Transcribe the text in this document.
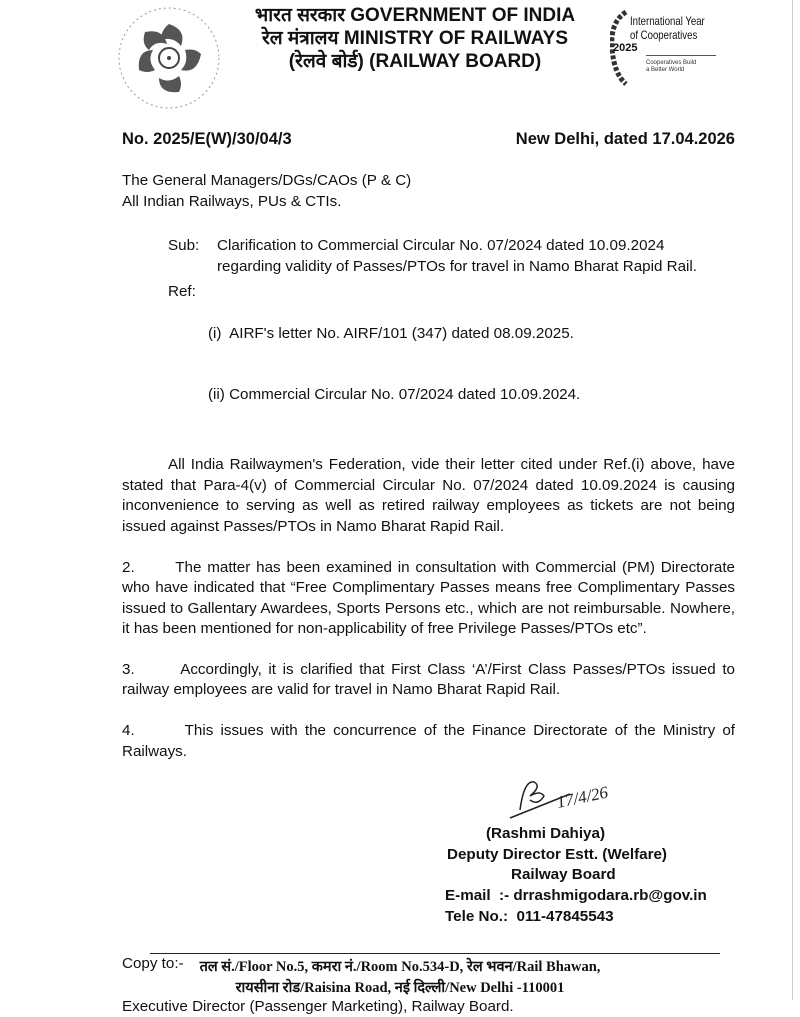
भारत सरकार GOVERNMENT OF INDIA
रेल मंत्रालय MINISTRY OF RAILWAYS
(रेलवे बोर्ड) (RAILWAY BOARD)
International Year
of Cooperatives
2025
Cooperatives Build
a Better World
No. 2025/E(W)/30/04/3	New Delhi, dated 17.04.2026
The General Managers/DGs/CAOs (P & C)
All Indian Railways, PUs & CTIs.
Sub:	Clarification to Commercial Circular No. 07/2024 dated 10.09.2024
regarding validity of Passes/PTOs for travel in Namo Bharat Rapid Rail.
Ref:

(i)  AIRF's letter No. AIRF/101 (347) dated 08.09.2025.

(ii) Commercial Circular No. 07/2024 dated 10.09.2024.

All India Railwaymen's Federation, vide their letter cited under Ref.(i) above, have stated that Para-4(v) of Commercial Circular No. 07/2024 dated 10.09.2024 is causing inconvenience to serving as well as retired railway employees as tickets are not being issued against Passes/PTOs in Namo Bharat Rapid Rail.
2.       The matter has been examined in consultation with Commercial (PM) Directorate who have indicated that “Free Complimentary Passes means free Complimentary Passes issued to Gallentary Awardees, Sports Persons etc., which are not reimbursable. Nowhere, it has been mentioned for non-applicability of free Privilege Passes/PTOs etc”.
3.       Accordingly, it is clarified that First Class ‘A’/First Class Passes/PTOs issued to railway employees are valid for travel in Namo Bharat Rapid Rail.
4.       This issues with the concurrence of the Finance Directorate of the Ministry of Railways.
17/4/26
(Rashmi Dahiya)
Deputy Director Estt. (Welfare)
Railway Board
E-mail  :- drrashmigodara.rb@gov.in
Tele No.:  011-47845543
Copy to:-
Executive Director (Passenger Marketing), Railway Board.
तल सं./Floor No.5, कमरा नं./Room No.534-D, रेल भवन/Rail Bhawan,
रायसीना रोड/Raisina Road, नई दिल्ली/New Delhi -110001
